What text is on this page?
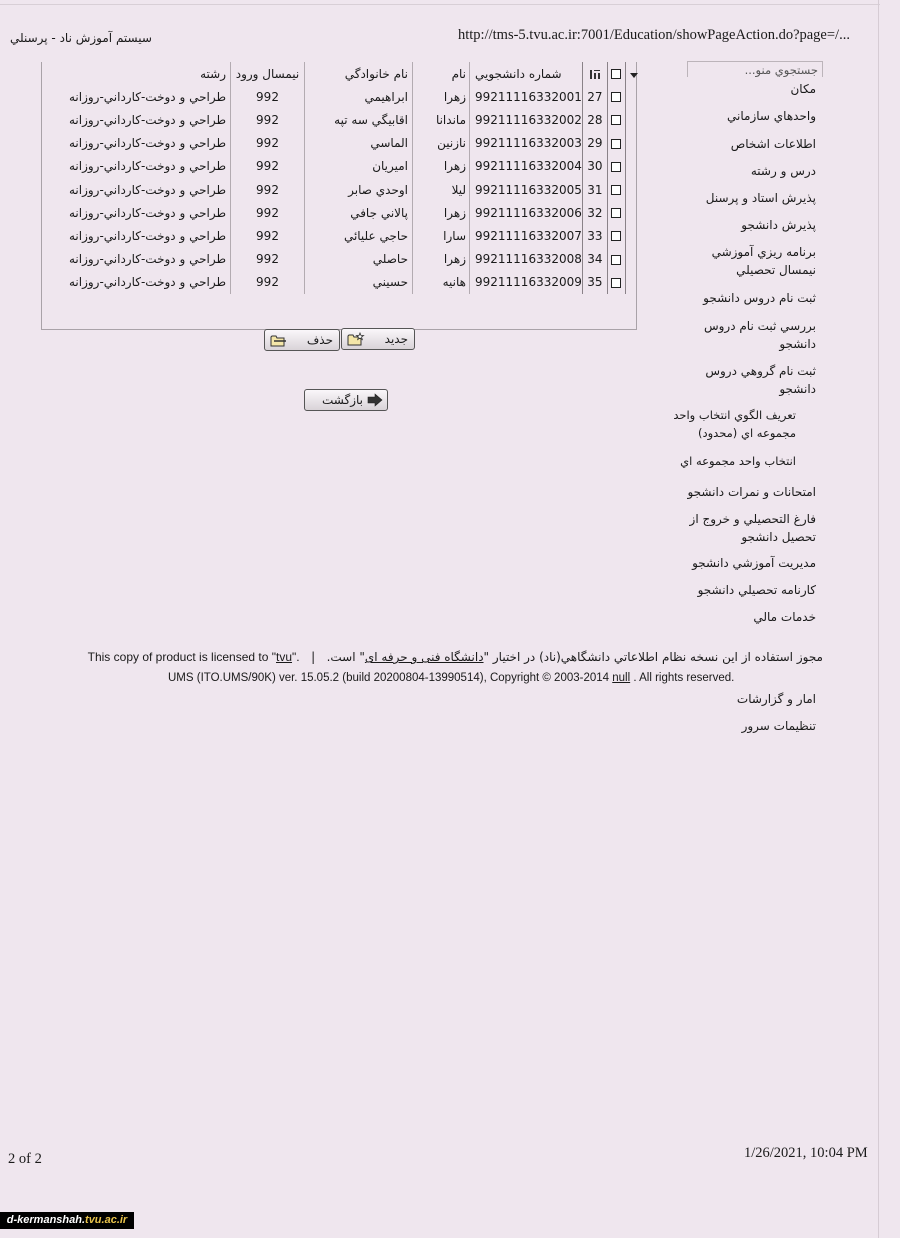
http://tms-5.tvu.ac.ir:7001/Education/showPageAction.do?page=/...
سیستم آموزش ناد - پرسنلي
جستجوي منو...
مكان
واحدهاي سازماني
اطلاعات اشخاص
درس و رشته
پذيرش استاد و پرسنل
پذيرش دانشجو
برنامه ريزي آموزشي
نيمسال تحصيلي
ثبت نام دروس دانشجو
بررسي ثبت نام دروس
دانشجو
ثبت نام گروهي دروس
دانشجو
تعريف الگوي انتخاب واحد
مجموعه اي (محدود)
انتخاب واحد مجموعه اي
امتحانات و نمرات دانشجو
فارغ التحصيلي و خروج از
تحصيل دانشجو
مديريت آموزشي دانشجو
كارنامه تحصيلي دانشجو
خدمات مالي
امار و گزارشات
تنظيمات سرور
رشته	نيمسال ورود	نام خانوادگي	نام	شماره دانشجويي	

طراحي و دوخت-كارداني-روزانه	992	ابراهيمي	زهرا	99211116332001	27		
طراحي و دوخت-كارداني-روزانه	992	اقابيگي سه تپه	ماندانا	99211116332002	28		
طراحي و دوخت-كارداني-روزانه	992	الماسي	نازنين	99211116332003	29		
طراحي و دوخت-كارداني-روزانه	992	اميريان	زهرا	99211116332004	30		
طراحي و دوخت-كارداني-روزانه	992	اوحدي صابر	ليلا	99211116332005	31		
طراحي و دوخت-كارداني-روزانه	992	پالاني جافي	زهرا	99211116332006	32		
طراحي و دوخت-كارداني-روزانه	992	حاجي عليائي	سارا	99211116332007	33		
طراحي و دوخت-كارداني-روزانه	992	حاصلي	زهرا	99211116332008	34		
طراحي و دوخت-كارداني-روزانه	992	حسيني	هانيه	99211116332009	35		
جديد
حذف
بازگشت
مجوز استفاده از اين نسخه نظام اطلاعاتي دانشگاهي(ناد) در اختيار "دانشگاه فنی و حرفه ای" است.   |   This copy of product is licensed to "tvu".
UMS (ITO.UMS/90K) ver. 15.05.2 (build 20200804-13990514), Copyright © 2003-2014 null . All rights reserved.
1/26/2021, 10:04 PM
2 of 2
d-kermanshah.tvu.ac.ir
